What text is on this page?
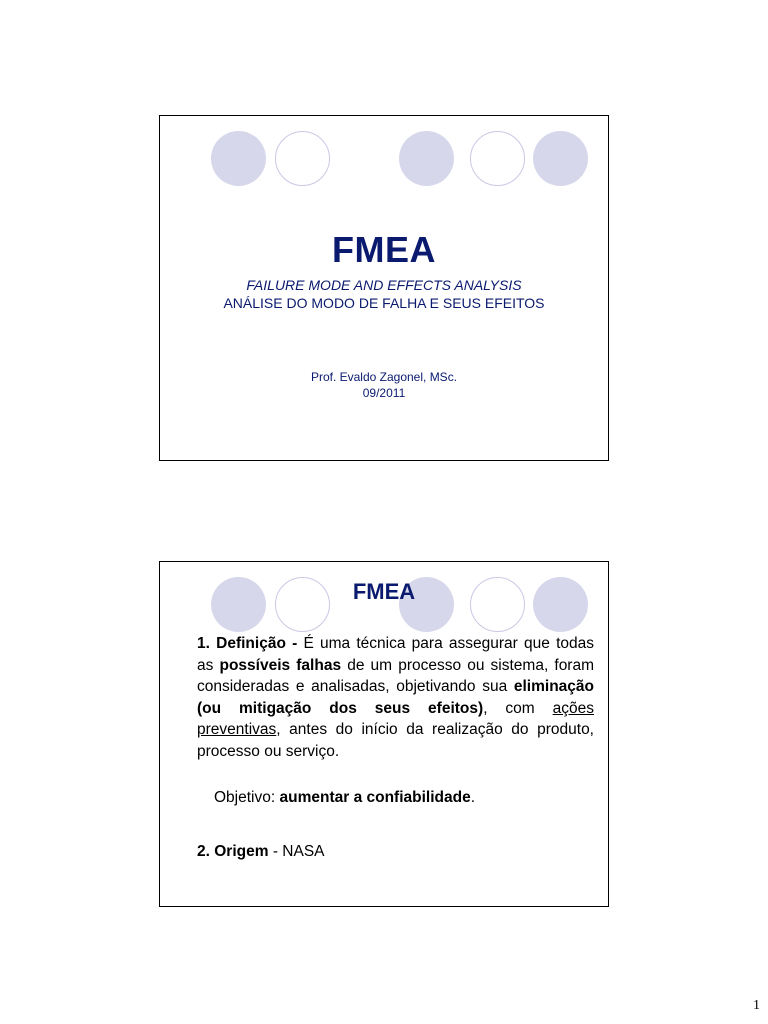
FMEA
FAILURE MODE AND EFFECTS ANALYSIS
ANÁLISE DO MODO DE FALHA E SEUS EFEITOS
Prof. Evaldo Zagonel, MSc.
09/2011
FMEA
1. Definição - É uma técnica para assegurar que todas as possíveis falhas de um processo ou sistema, foram consideradas e analisadas, objetivando sua eliminação (ou mitigação dos seus efeitos), com ações preventivas, antes do início da realização do produto, processo ou serviço.
Objetivo: aumentar a confiabilidade.
2. Origem - NASA
1
